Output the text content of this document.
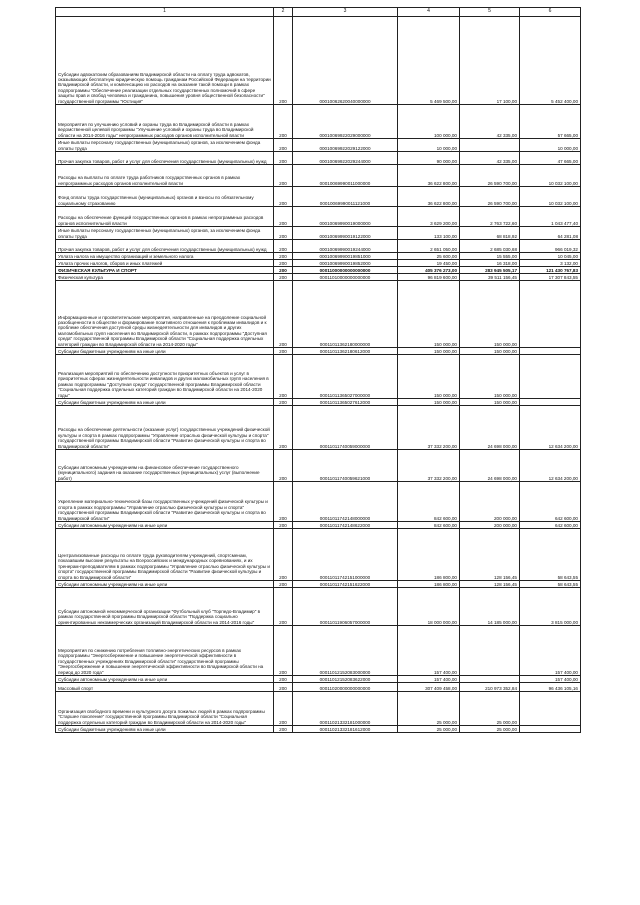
1	2	3	4	5	6
Субсидии адвокатским образованиям Владимирской области на оплату труда адвокатов, оказывающих бесплатную юридическую помощь гражданам Российской Федерации на территории Владимирской области, и компенсацию их расходов на оказание такой помощи в рамках подпрограммы "Обеспечение реализации отдельных государственных полномочий в сфере защиты прав и свобод человека и гражданина, повышения уровня общественной безопасности" государственной программы "Юстиция"	200	00010062620040000000	5 469 500,00	17 100,00	5 452 400,00
Мероприятия по улучшению условий и охраны труда во Владимирской области в рамках ведомственной целевой программы "Улучшение условий и охраны труда во Владимирской области на 2014-2016 годы" непрограммных расходов органов исполнительной власти	200	00010069922029000000	100 000,00	42 335,00	57 665,00
Иные выплаты персоналу государственных (муниципальных) органов, за исключением фонда оплаты труда	200	00010069922029122000	10 000,00		10 000,00
Прочая закупка товаров, работ и услуг для обеспечения государственных (муниципальных) нужд	200	00010069922029244000	90 000,00	42 335,00	47 665,00
Расходы на выплаты по оплате труда работников государственных органов в рамках непрограммных расходов органов исполнительной власти	200	00010069990011000000	36 622 800,00	26 590 700,00	10 032 100,00
Фонд оплаты труда государственных (муниципальных) органов и взносы по обязательному социальному страхованию	200	00010069990011121000	36 622 800,00	26 590 700,00	10 032 100,00
Расходы на обеспечение функций государственных органов в рамках непрограммных расходов органов исполнительной власти	200	00010069990019000000	3 629 200,00	2 763 722,60	1 043 477,40
Иные выплаты персоналу государственных (муниципальных) органов, за исключением фонда оплаты труда	200	00010069990019122000	133 100,00	68 818,92	64 281,08
Прочая закупка товаров, работ и услуг для обеспечения государственных (муниципальных) нужд	200	00010069990019244000	2 651 050,00	2 685 030,68	966 019,32
Уплата налога на имущество организаций и земельного налога	200	00010069990019851000	25 600,00	15 555,00	10 045,00
Уплата прочих налогов, сборов и иных платежей	200	00010069990019852000	19 450,00	16 318,00	3 132,00
ФИЗИЧЕСКАЯ КУЛЬТУРА И СПОРТ	200	00011000000000000000	405 376 273,00	283 945 505,17	121 430 767,83
Физическая культура	200	00011010000000000000	96 819 600,00	39 511 156,45	17 307 843,55
Информационные и просветительские мероприятия, направленные на преодоление социальной разобщенности в обществе и формирование позитивного отношения к проблемам инвалидов и к проблеме обеспечения доступной среды жизнедеятельности для инвалидов и других маломобильных групп населения во Владимирской области, в рамках подпрограммы "Доступная среда" государственной программы Владимирской области "Социальная поддержка отдельных категорий граждан во Владимирской области на 2014-2020 годы"	200	00011011362180000000	150 000,00	150 000,00	
Субсидии бюджетным учреждениям на иные цели	200	00011011362180612000	150 000,00	150 000,00	
Реализация мероприятий по обеспечению доступности приоритетных объектов и услуг в приоритетных сферах жизнедеятельности инвалидов и других маломобильных групп населения в рамках подпрограммы "Доступная среда" государственной программы Владимирской области "Социальная поддержка отдельных категорий граждан во Владимирской области на 2014-2020 годы"	200	00011011365027000000	150 000,00	150 000,00	
Субсидии бюджетным учреждениям на иные цели	200	00011011365027612000	150 000,00	150 000,00	
Расходы на обеспечение деятельности (оказание услуг) государственных учреждений физической культуры и спорта в рамках подпрограммы "Управление отраслью физической культуры и спорта" государственной программы Владимирской области "Развитие физической культуры и спорта во Владимирской области"	200	00011011740059000000	37 332 200,00	24 698 000,00	12 634 200,00
Субсидии автономным учреждениям на финансовое обеспечение государственного (муниципального) задания на оказание государственных (муниципальных) услуг (выполнение работ)	200	00011011740059621000	37 332 200,00	24 698 000,00	12 634 200,00
Укрепление материально-технической базы государственных учреждений физической культуры и спорта в рамках подпрограммы "Управление отраслью физической культуры и спорта" государственной программы Владимирской области "Развитие физической культуры и спорта во Владимирской области"	200	00011011742148000000	842 600,00	200 000,00	642 600,00
Субсидии автономным учреждениям на иные цели	200	00011011742148622000	842 600,00	200 000,00	642 600,00
Централизованные расходы по оплате труда руководителям учреждений, спортсменам, показавшим высокие результаты на Всероссийских и международных соревнованиях, и их тренерам-преподавателям в рамках подпрограммы "Управление отраслью физической культуры и спорта" государственной программы Владимирской области "Развитие физической культуры и спорта во Владимирской области"	200	00011011742151000000	186 800,00	128 156,45	58 643,55
Субсидии автономным учреждениям на иные цели	200	00011011742151622000	186 800,00	128 156,45	58 643,55
Субсидии автономной некоммерческой организации "Футбольный клуб "Торпедо-Владимир" в рамках государственной программы Владимирской области "Поддержка социально ориентированных некоммерческих организаций Владимирской области на 2014-2016 годы"	200	00011011906057000000	18 000 000,00	14 185 000,00	3 815 000,00
Мероприятия по снижению потребления топливно-энергетических ресурсов в рамках подпрограммы "Энергосбережение и повышение энергетической эффективности в государственных учреждениях Владимирской области" государственной программы "Энергосбережение и повышение энергетической эффективности во Владимирской области на период до 2020 года"	200	00011012152083000000	157 400,00		157 400,00
Субсидии автономным учреждениям на иные цели	200	00011012152083622000	157 400,00		157 400,00
Массовый спорт	200	00011020000000000000	307 409 458,00	210 973 352,84	96 436 105,16
Организация свободного времени и культурного досуга пожилых людей в рамках подпрограммы "Старшее поколение" государственной программы Владимирской области "Социальная поддержка отдельных категорий граждан во Владимирской области на 2014-2020 годы"	200	00011021332181000000	25 000,00	25 000,00	
Субсидии бюджетным учреждениям на иные цели	200	00011021332181612000	25 000,00	25 000,00	
